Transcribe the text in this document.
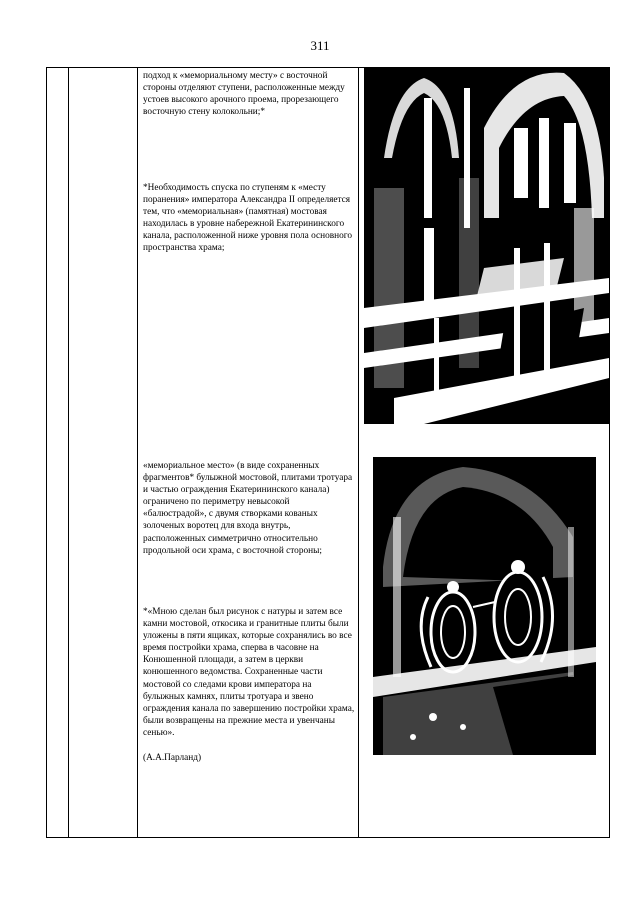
311
подход к «мемориальному месту» с восточной стороны отделяют ступени, расположенные между устоев высокого арочного проема, прорезающего восточную стену колокольни;*
*Необходимость спуска по ступеням к «месту поранения» императора Александра II определяется тем, что «мемориальная» (памятная) мостовая находилась в уровне набережной Екатерининского канала, расположенной ниже уровня пола основного пространства храма;
«мемориальное место» (в виде сохраненных фрагментов* булыжной мостовой, плитами тротуара и частью ограждения Екатерининского канала) ограничено по периметру невысокой «балюстрадой», с двумя створками кованых золоченых воротец для входа внутрь, расположенных симметрично относительно продольной оси храма, с восточной стороны;
*«Мною сделан был рисунок с натуры и затем все камни мостовой, откосика и гранитные плиты были уложены в пяти ящиках, которые сохранялись во все время постройки храма, сперва в часовне на Конюшенной площади, а затем в церкви конюшенного ведомства. Сохраненные части мостовой со следами крови императора на булыжных камнях, плиты тротуара и звено ограждения канала по завершению постройки храма, были возвращены на прежние места и увенчаны сенью».
(А.А.Парланд)
